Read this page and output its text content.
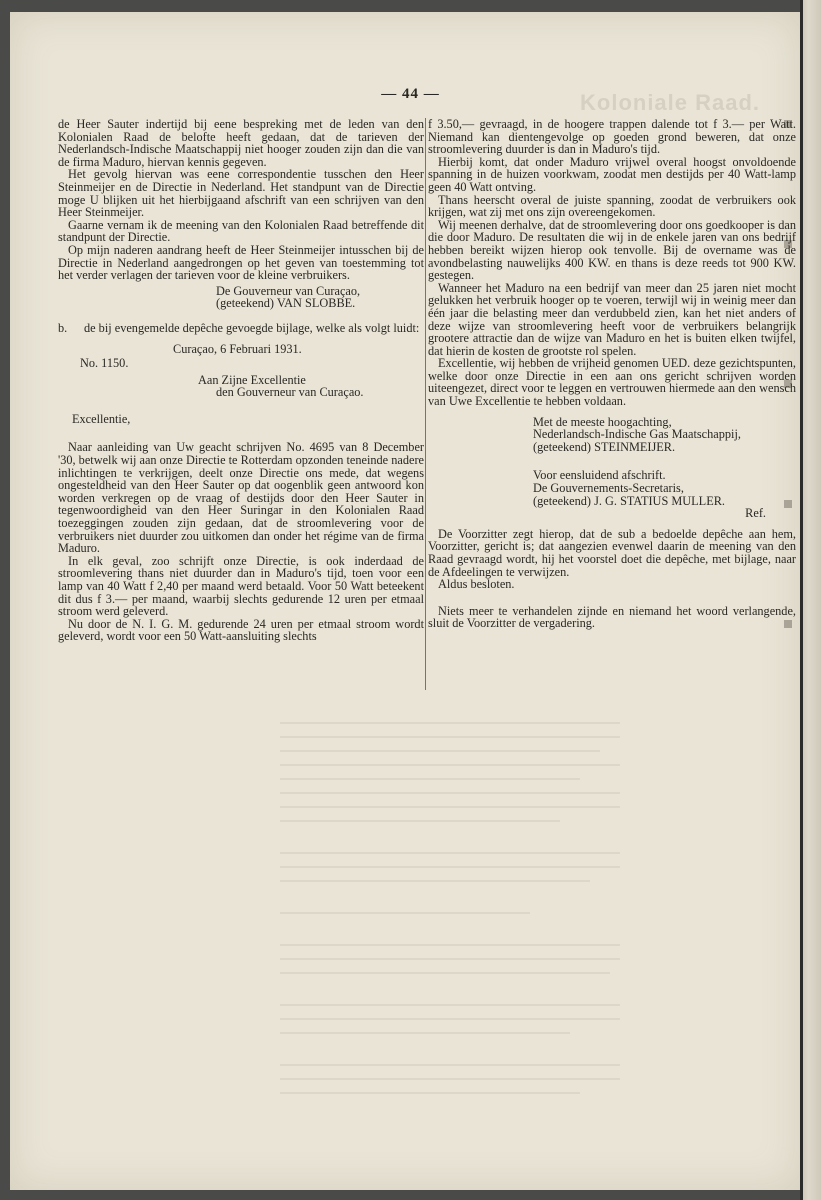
Koloniale Raad.
— 44 —

de Heer Sauter indertijd bij eene bespreking met de leden van den Kolonialen Raad de belofte heeft gedaan, dat de tarieven der Nederlandsch-Indische Maatschappij niet hooger zouden zijn dan die van de firma Maduro, hiervan kennis gegeven.

Het gevolg hiervan was eene correspondentie tusschen den Heer Steinmeijer en de Directie in Nederland. Het standpunt van de Directie moge U blijken uit het hierbijgaand afschrift van een schrijven van den Heer Steinmeijer.

Gaarne vernam ik de meening van den Kolonialen Raad betreffende dit standpunt der Directie.

Op mijn naderen aandrang heeft de Heer Steinmeijer intusschen bij de Directie in Nederland aangedrongen op het geven van toestemming tot het verder verlagen der tarieven voor de kleine verbruikers.

De Gouverneur van Curaçao,

(geteekend) VAN SLOBBE.

b.	de bij evengemelde depêche gevoegde bijlage, welke als volgt luidt:

Curaçao, 6 Februari 1931.

No. 1150.

Aan Zijne Excellentie

den Gouverneur van Curaçao.

Excellentie,

Naar aanleiding van Uw geacht schrijven No. 4695 van 8 December '30, betwelk wij aan onze Directie te Rotterdam opzonden teneinde nadere inlichtingen te verkrijgen, deelt onze Directie ons mede, dat wegens ongesteldheid van den Heer Sauter op dat oogenblik geen antwoord kon worden verkregen op de vraag of destijds door den Heer Sauter in tegenwoordigheid van den Heer Suringar in den Kolonialen Raad toezeggingen zouden zijn gedaan, dat de stroomlevering voor de verbruikers niet duurder zou uitkomen dan onder het régime van de firma Maduro.

In elk geval, zoo schrijft onze Directie, is ook inderdaad de stroomlevering thans niet duurder dan in Maduro's tijd, toen voor een lamp van 40 Watt f 2,40 per maand werd betaald. Voor 50 Watt beteekent dit dus f 3.— per maand, waarbij slechts gedurende 12 uren per etmaal stroom werd geleverd.

Nu door de N. I. G. M. gedurende 24 uren per etmaal stroom wordt geleverd, wordt voor een 50 Watt-aansluiting slechts

f 3.50,— gevraagd, in de hoogere trappen dalende tot f 3.— per Watt. Niemand kan dientengevolge op goeden grond beweren, dat onze stroomlevering duurder is dan in Maduro's tijd.

Hierbij komt, dat onder Maduro vrijwel overal hoogst onvoldoende spanning in de huizen voorkwam, zoodat men destijds per 40 Watt-lamp geen 40 Watt ontving.

Thans heerscht overal de juiste spanning, zoodat de verbruikers ook krijgen, wat zij met ons zijn overeengekomen.

Wij meenen derhalve, dat de stroomlevering door ons goedkooper is dan die door Maduro. De resultaten die wij in de enkele jaren van ons bedrijf hebben bereikt wijzen hierop ook tenvolle. Bij de overname was de avondbelasting nauwelijks 400 KW. en thans is deze reeds tot 900 KW. gestegen.

Wanneer het Maduro na een bedrijf van meer dan 25 jaren niet mocht gelukken het verbruik hooger op te voeren, terwijl wij in weinig meer dan één jaar die belasting meer dan verdubbeld zien, kan het niet anders of deze wijze van stroomlevering heeft voor de verbruikers belangrijk grootere attractie dan de wijze van Maduro en het is buiten elken twijfel, dat hierin de kosten de grootste rol spelen.

Excellentie, wij hebben de vrijheid genomen UED. deze gezichtspunten, welke door onze Directie in een aan ons gericht schrijven worden uiteengezet, direct voor te leggen en vertrouwen hiermede aan den wensch van Uwe Excellentie te hebben voldaan.

Met de meeste hoogachting,

Nederlandsch-Indische Gas Maatschappij,

(geteekend) STEINMEIJER.

Voor eensluidend afschrift.

De Gouvernements-Secretaris,

(geteekend) J. G. STATIUS MULLER.

Ref.

De Voorzitter zegt hierop, dat de sub a bedoelde depêche aan hem, Voorzitter, gericht is; dat aangezien evenwel daarin de meening van den Raad gevraagd wordt, hij het voorstel doet die depêche, met bijlage, naar de Afdeelingen te verwijzen.

Aldus besloten.

Niets meer te verhandelen zijnde en niemand het woord verlangende, sluit de Voorzitter de vergadering.
